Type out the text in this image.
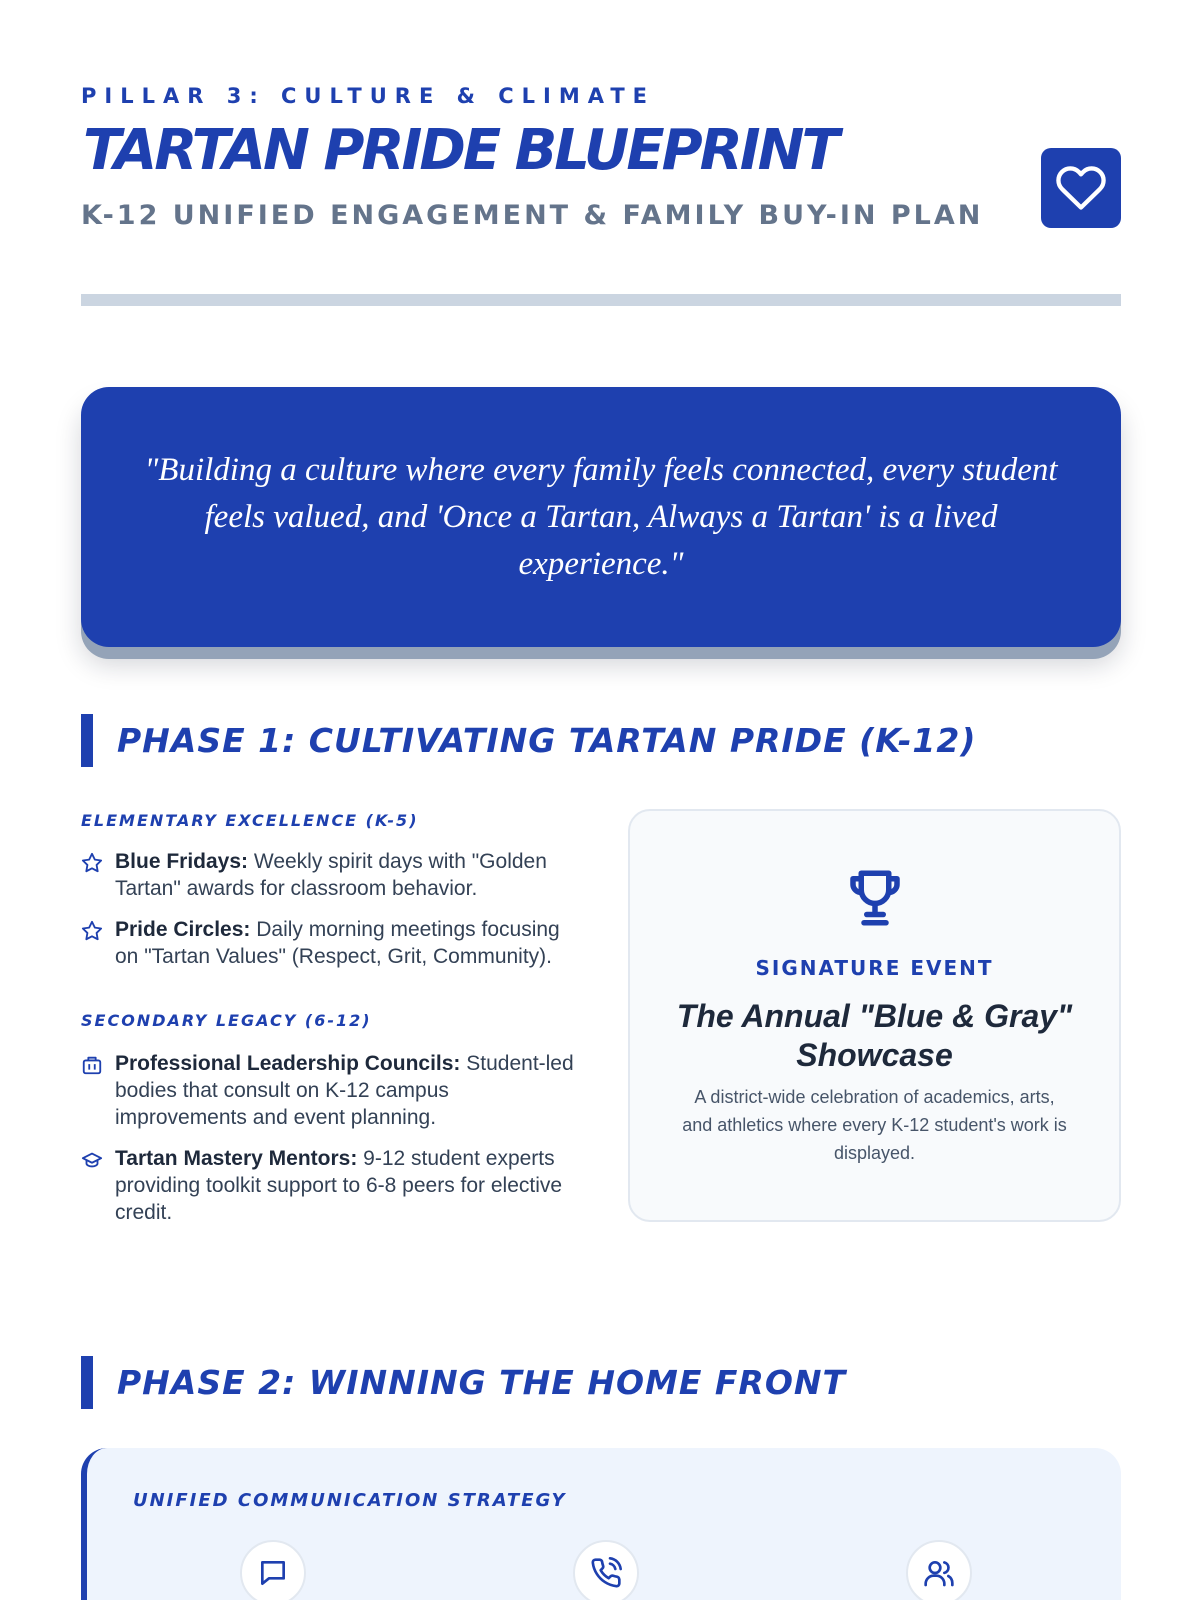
PILLAR 3: CULTURE & CLIMATE
TARTAN PRIDE BLUEPRINT
K-12 UNIFIED ENGAGEMENT & FAMILY BUY-IN PLAN

"Building a culture where every family feels connected, every student feels valued, and 'Once a Tartan, Always a Tartan' is a lived experience."

PHASE 1: CULTIVATING TARTAN PRIDE (K-12)
ELEMENTARY EXCELLENCE (K-5)
Blue Fridays: Weekly spirit days with "Golden Tartan" awards for classroom behavior.
Pride Circles: Daily morning meetings focusing on "Tartan Values" (Respect, Grit, Community).
SECONDARY LEGACY (6-12)
Professional Leadership Councils: Student-led bodies that consult on K-12 campus improvements and event planning.
Tartan Mastery Mentors: 9-12 student experts providing toolkit support to 6-8 peers for elective credit.
SIGNATURE EVENT
The Annual "Blue & Gray" Showcase
A district-wide celebration of academics, arts, and athletics where every K-12 student's work is displayed.
PHASE 2: WINNING THE HOME FRONT
UNIFIED COMMUNICATION STRATEGY
